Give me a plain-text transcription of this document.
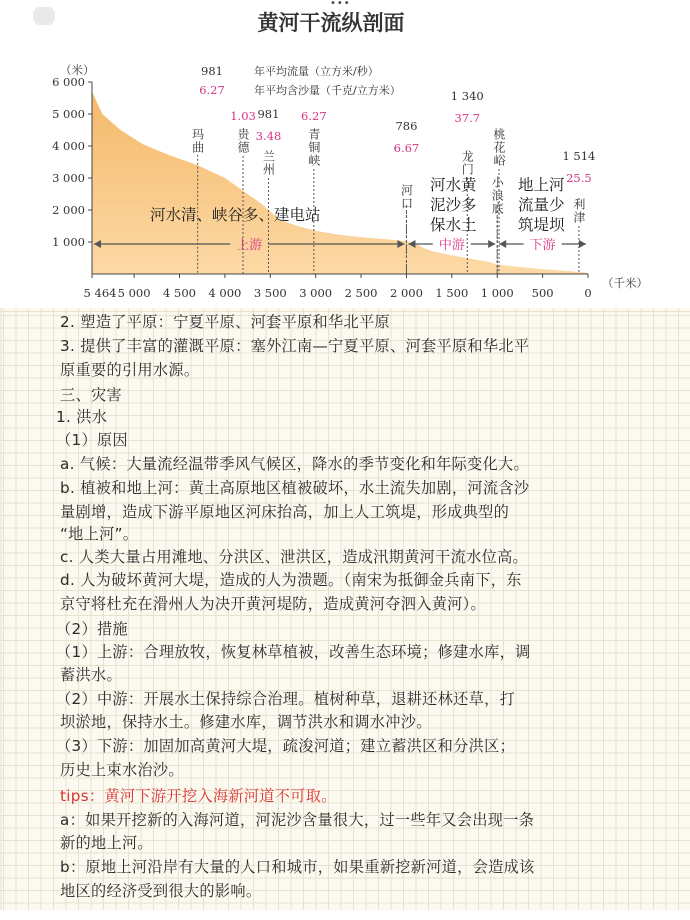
•••
黄河干流纵剖面
1 000
2 000
3 000
4 000
5 000
6 000
（米）
5 464 5 000 4 500 4 000 3 500 3 000 2 500 2 000 1 500 1 000 500	0
（千米）
981
6.27
年平均流量（立方米/秒）
年平均含沙量（千克/立方米）
玛曲	贵德
1.03
兰州
981
3.48 青铜峡
6.27
河口
786
6.67
龙门
1 340
37.7
小浪底
桃花峪
利津
1 514
25.5
上游	中游	下游
河水清、峡谷多、建电站
河水黄
泥沙多
保水土
地上河
流量少
筑堤坝

2. 塑造了平原：宁夏平原、河套平原和华北平原

3. 提供了丰富的灌溉平原：塞外江南—宁夏平原、河套平原和华北平

原重要的引用水源。

三、灾害

1. 洪水

（1）原因

a. 气候：大量流经温带季风气候区，降水的季节变化和年际变化大。

b. 植被和地上河：黄土高原地区植被破坏，水土流失加剧，河流含沙

量剧增，造成下游平原地区河床抬高，加上人工筑堤，形成典型的

“地上河”。

c. 人类大量占用滩地、分洪区、泄洪区，造成汛期黄河干流水位高。

d. 人为破坏黄河大堤，造成的人为溃题。（南宋为抵御金兵南下，东

京守将杜充在滑州人为决开黄河堤防，造成黄河夺泗入黄河）。

（2）措施

（1）上游：合理放牧，恢复林草植被，改善生态环境；修建水库，调

蓄洪水。

（2）中游：开展水土保持综合治理。植树种草，退耕还林还草，打

坝淤地，保持水土。修建水库，调节洪水和调水冲沙。

（3）下游：加固加高黄河大堤，疏浚河道；建立蓄洪区和分洪区；

历史上束水治沙。

tips：黄河下游开挖入海新河道不可取。

a：如果开挖新的入海河道，河泥沙含量很大，过一些年又会出现一条

新的地上河。

b：原地上河沿岸有大量的人口和城市，如果重新挖新河道，会造成该

地区的经济受到很大的影响。
